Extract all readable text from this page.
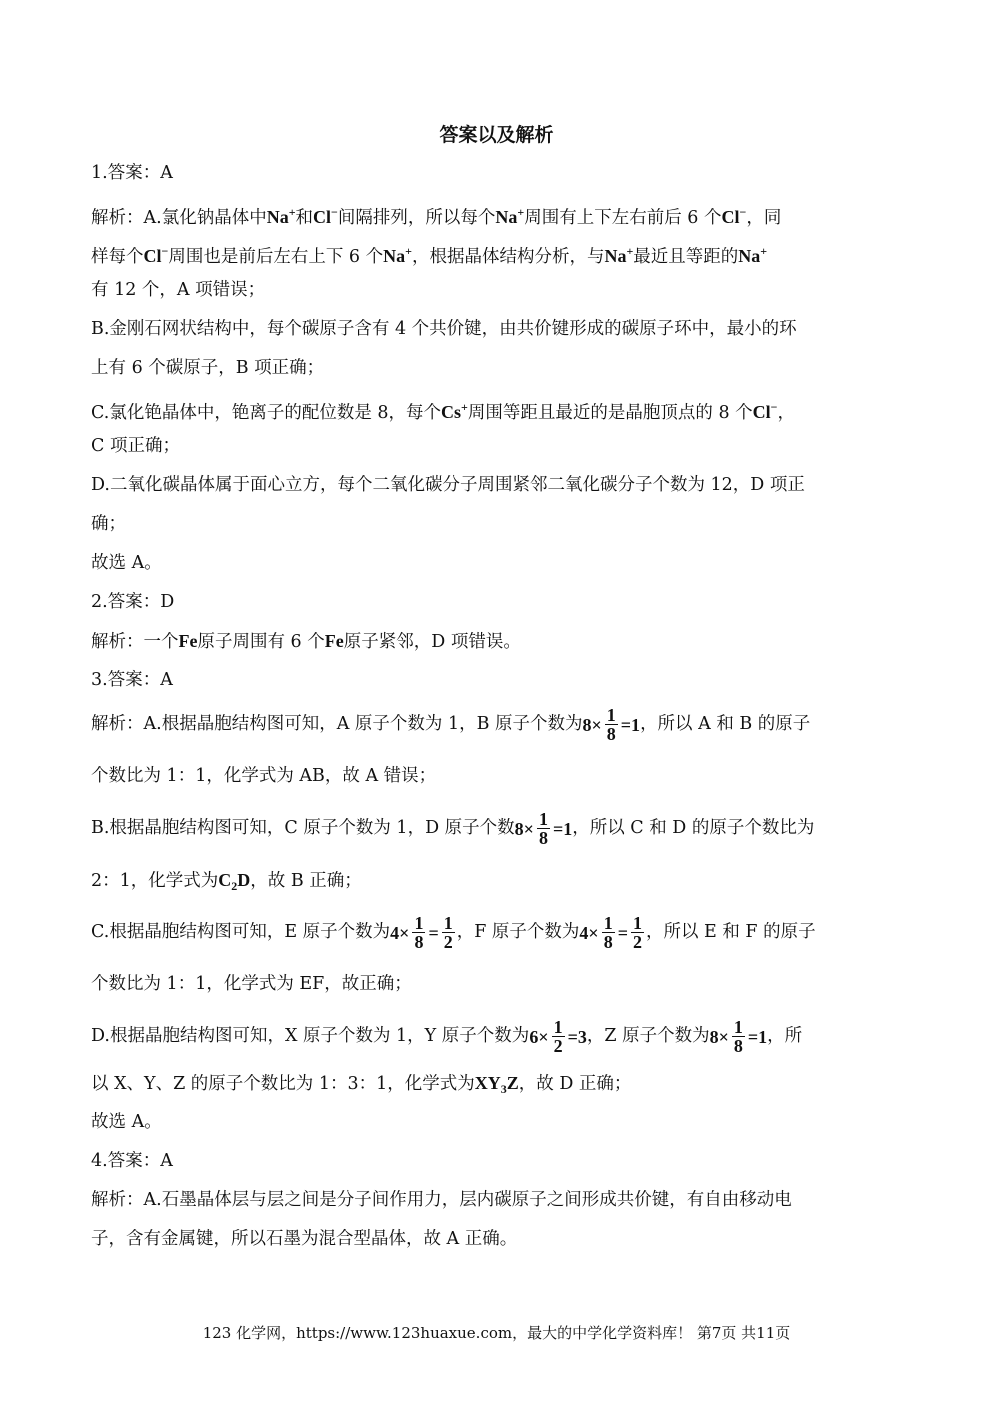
答案以及解析
1.答案：A
解析：A.氯化钠晶体中Na+和Cl−间隔排列，所以每个Na+周围有上下左右前后 6 个Cl−，同
样每个Cl−周围也是前后左右上下 6 个Na+，根据晶体结构分析，与Na+最近且等距的Na+
有 12 个，A 项错误；
B.金刚石网状结构中，每个碳原子含有 4 个共价键，由共价键形成的碳原子环中，最小的环
上有 6 个碳原子，B 项正确；
C.氯化铯晶体中，铯离子的配位数是 8，每个Cs+周围等距且最近的是晶胞顶点的 8 个Cl−，
C 项正确；
D.二氧化碳晶体属于面心立方，每个二氧化碳分子周围紧邻二氧化碳分子个数为 12，D 项正
确；
故选 A。
2.答案：D
解析：一个Fe原子周围有 6 个Fe原子紧邻，D 项错误。
3.答案：A
解析：A.根据晶胞结构图可知，A 原子个数为 1，B 原子个数为 $8\times \frac{1}{8} =1$ ，所以 A 和 B 的原子
个数比为 1：1，化学式为 AB，故 A 错误；
B.根据晶胞结构图可知，C 原子个数为 1，D 原子个数 $8\times \frac{1}{8} =1$ ，所以 C 和 D 的原子个数比为
2：1，化学式为$C_2D$，故 B 正确；
C.根据晶胞结构图可知，E 原子个数为 $4\times \frac{1}{8} = \frac{1}{2}$ ，F 原子个数为 $4\times \frac{1}{8} = \frac{1}{2}$ ，所以 E 和 F 的原子
个数比为 1：1，化学式为 EF，故正确；
D.根据晶胞结构图可知，X 原子个数为 1，Y 原子个数为 $6\times \frac{1}{2} =3$ ，Z 原子个数为 $8\times \frac{1}{8} =1$ ，所
以 X、Y、Z 的原子个数比为 1：3：1，化学式为$XY_3Z$，故 D 正确；
故选 A。
4.答案：A
解析：A.石墨晶体层与层之间是分子间作用力，层内碳原子之间形成共价键，有自由移动电
子，含有金属键，所以石墨为混合型晶体，故 A 正确。
123 化学网，https://www.123huaxue.com，最大的中学化学资料库！ 第7页 共11页
